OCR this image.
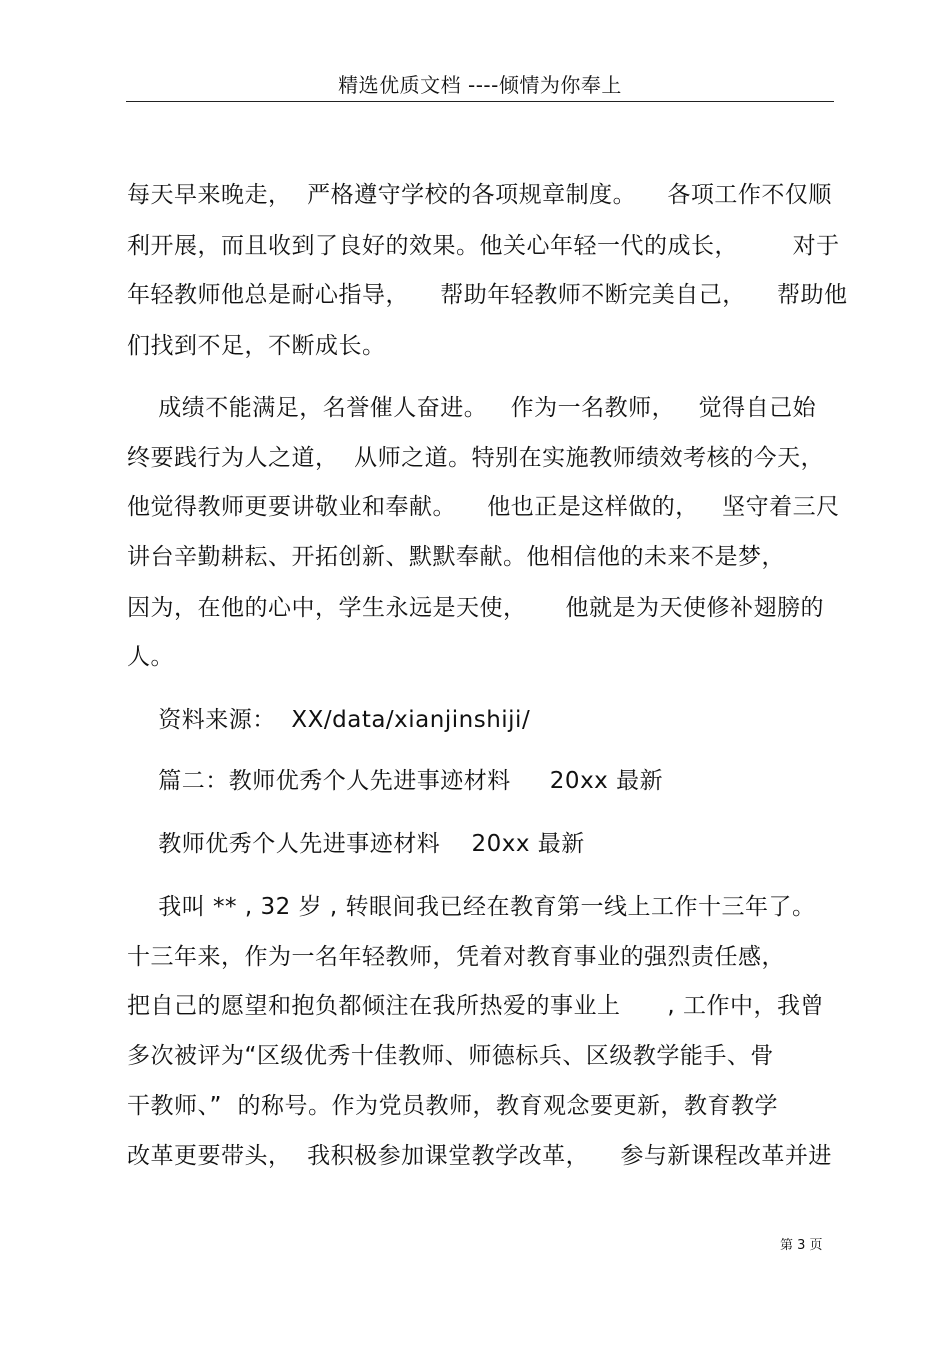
精选优质文档 ----倾情为你奉上
每天早来晚走，  严格遵守学校的各项规章制度。    各项工作不仅顺
利开展，而且收到了良好的效果。他关心年轻一代的成长，       对于
年轻教师他总是耐心指导，    帮助年轻教师不断完美自己，    帮助他
们找到不足，不断成长。
成绩不能满足，名誉催人奋进。   作为一名教师，   觉得自己始
终要践行为人之道，  从师之道。特别在实施教师绩效考核的今天，
他觉得教师更要讲敬业和奉献。    他也正是这样做的，   坚守着三尺
讲台辛勤耕耘、开拓创新、默默奉献。他相信他的未来不是梦，
因为，在他的心中，学生永远是天使，     他就是为天使修补翅膀的
人。
资料来源：  XX/data/xianjinshiji/
篇二：教师优秀个人先进事迹材料     20xx 最新
教师优秀个人先进事迹材料    20xx 最新
我叫 ** , 32 岁 , 转眼间我已经在教育第一线上工作十三年了。
十三年来，作为一名年轻教师，凭着对教育事业的强烈责任感，
把自己的愿望和抱负都倾注在我所热爱的事业上      , 工作中，我曾
多次被评为“区级优秀十佳教师、师德标兵、区级教学能手、骨
干教师、”  的称号。作为党员教师，教育观念要更新，教育教学
改革更要带头，  我积极参加课堂教学改革，    参与新课程改革并进
第 3 页
